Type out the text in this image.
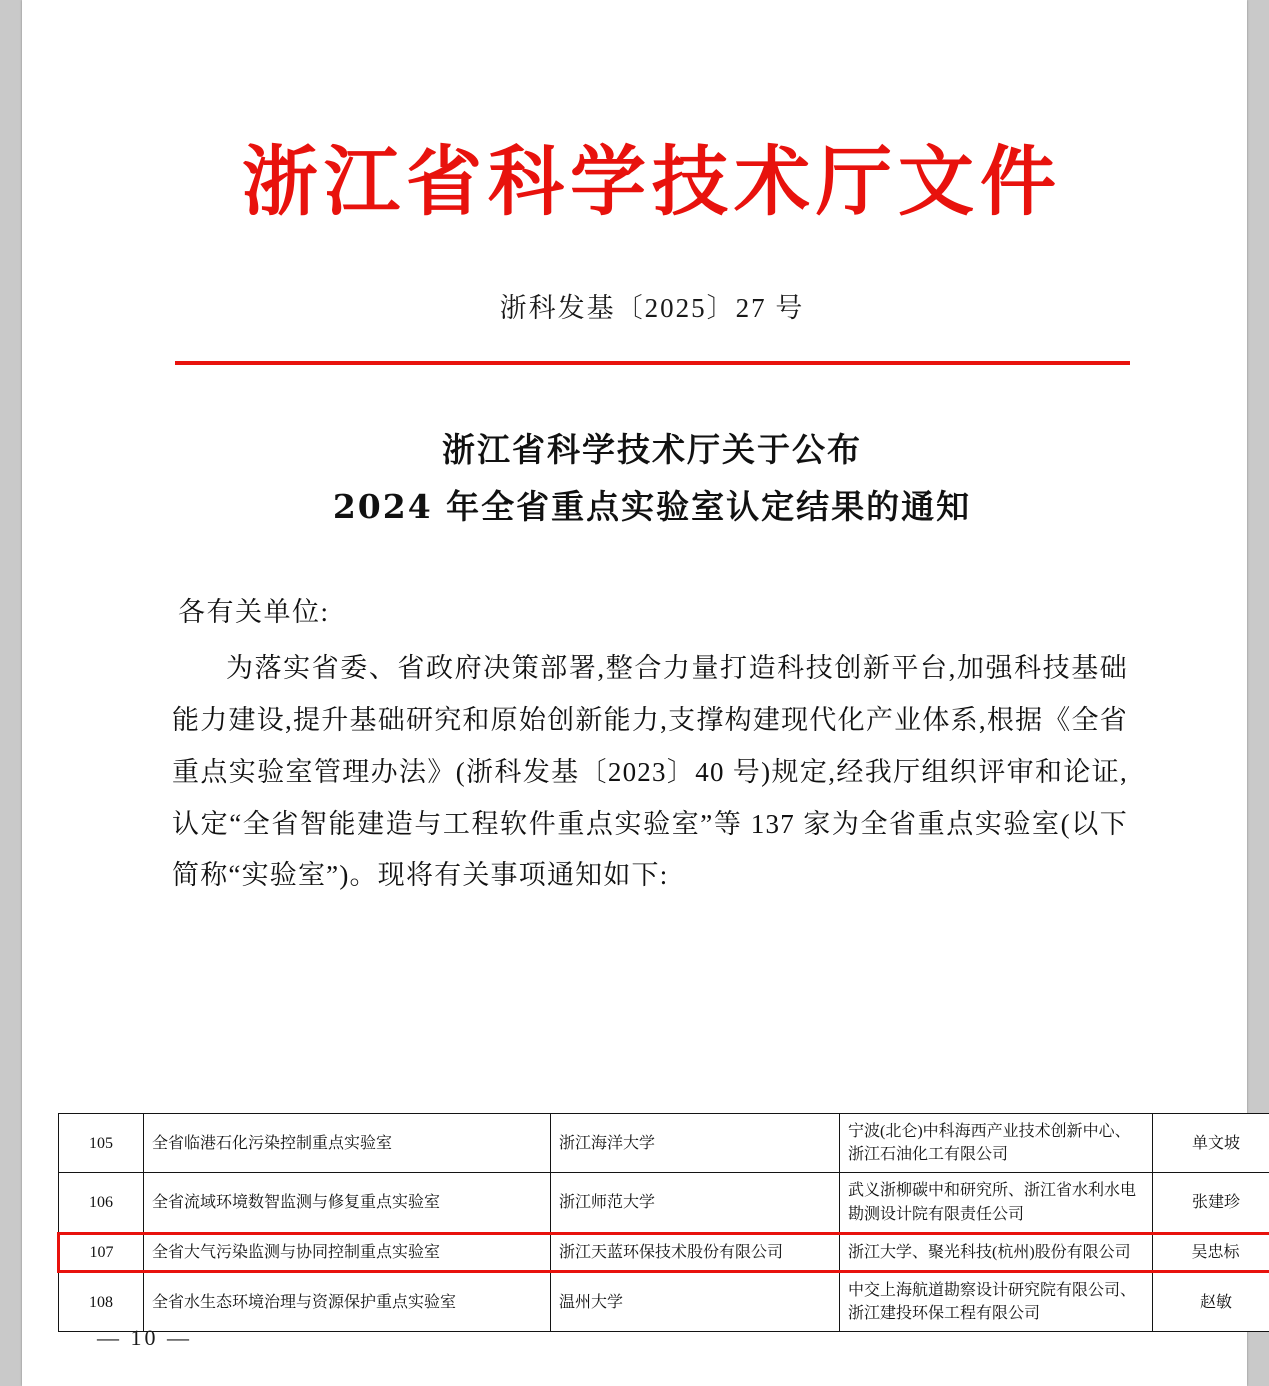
浙江省科学技术厅文件
浙科发基〔2025〕27 号
浙江省科学技术厅关于公布
2024 年全省重点实验室认定结果的通知
各有关单位:
为落实省委、省政府决策部署,整合力量打造科技创新平台,加强科技基础能力建设,提升基础研究和原始创新能力,支撑构建现代化产业体系,根据《全省重点实验室管理办法》(浙科发基〔2023〕40 号)规定,经我厅组织评审和论证,认定“全省智能建造与工程软件重点实验室”等 137 家为全省重点实验室(以下简称“实验室”)。现将有关事项通知如下:
105	全省临港石化污染控制重点实验室	浙江海洋大学	宁波(北仑)中科海西产业技术创新中心、浙江石油化工有限公司	单文坡
106	全省流域环境数智监测与修复重点实验室	浙江师范大学	武义浙柳碳中和研究所、浙江省水利水电勘测设计院有限责任公司	张建珍
107	全省大气污染监测与协同控制重点实验室	浙江天蓝环保技术股份有限公司	浙江大学、聚光科技(杭州)股份有限公司	吴忠标
108	全省水生态环境治理与资源保护重点实验室	温州大学	中交上海航道勘察设计研究院有限公司、浙江建投环保工程有限公司	赵敏
— 10 —
